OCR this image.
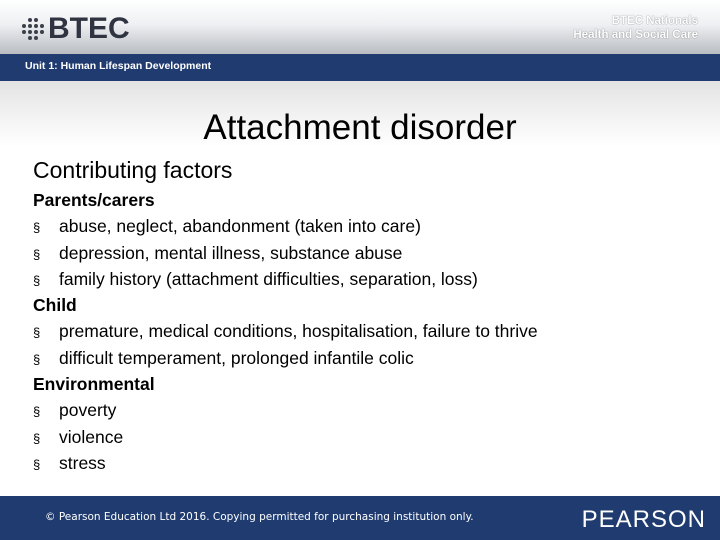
BTEC	BTEC Nationals
Health and Social Care
Unit 1: Human Lifespan Development
Attachment disorder
Contributing factors
Parents/carers
§ abuse, neglect, abandonment (taken into care)
§ depression, mental illness, substance abuse
§ family history (attachment difficulties, separation, loss)
Child
§ premature, medical conditions, hospitalisation, failure to thrive
§ difficult temperament, prolonged infantile colic
Environmental
§ poverty
§ violence
§ stress
© Pearson Education Ltd 2016. Copying permitted for purchasing institution only.	PEARSON
